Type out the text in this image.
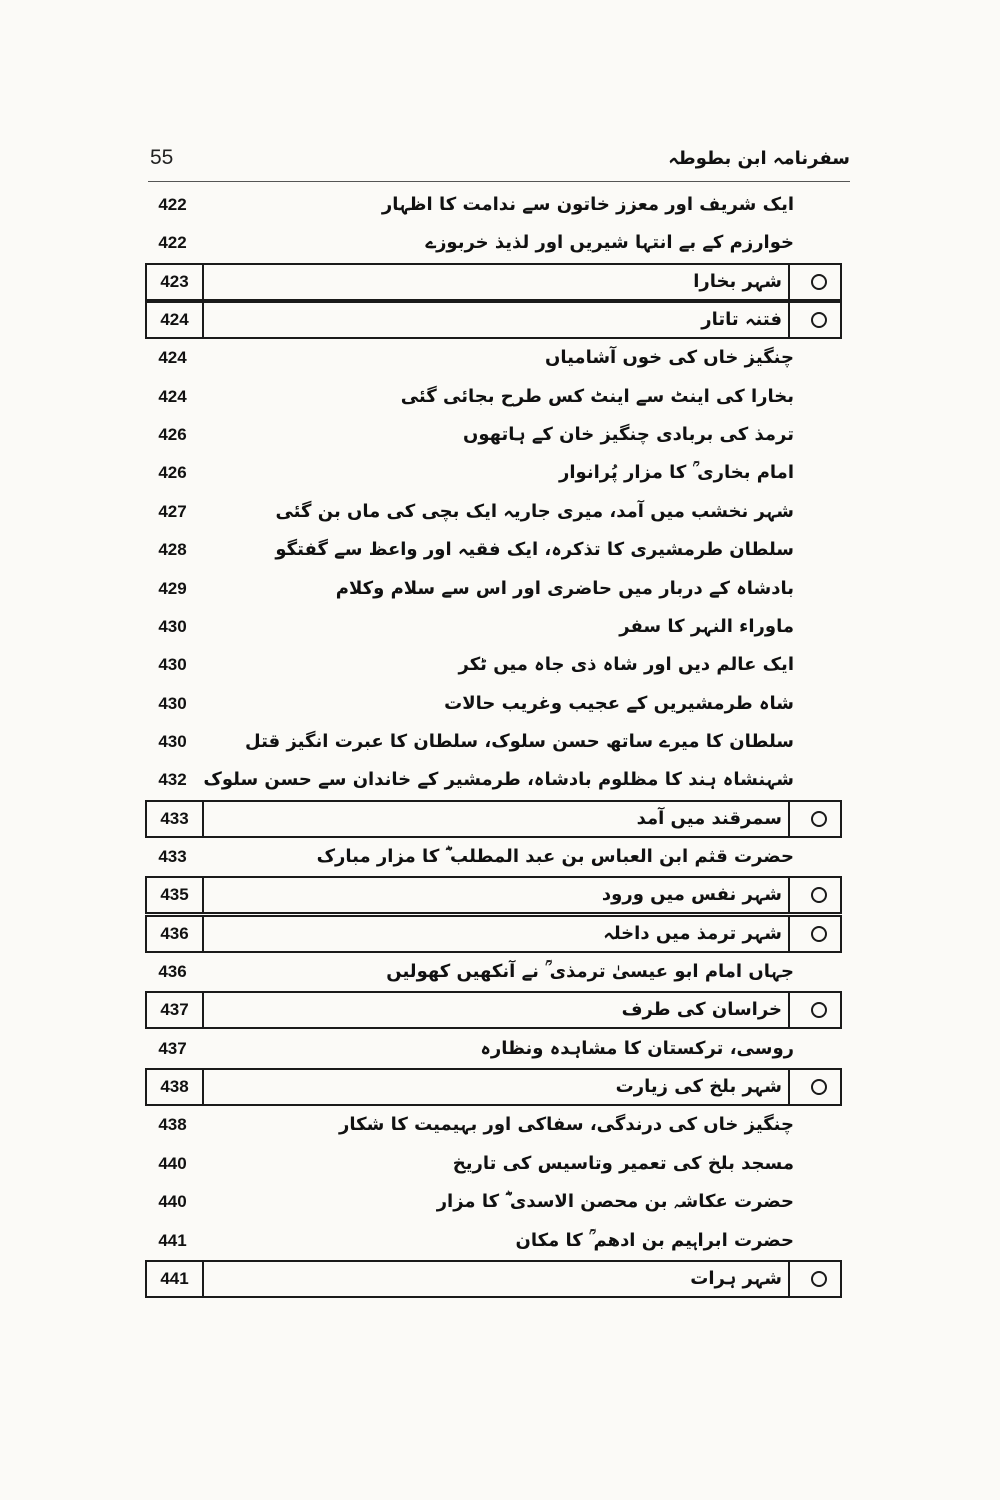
55	سفرنامہ ابن بطوطہ
422	ایک شریف اور معزز خاتون سے ندامت کا اظہار
422	خوارزم کے بے انتہا شیریں اور لذیذ خربوزے
423	شہر بخارا
424	فتنہ تاتار
424	چنگیز خاں کی خوں آشامیاں
424	بخارا کی اینٹ سے اینٹ کس طرح بجائی گئی
426	ترمذ کی بربادی چنگیز خان کے ہاتھوں
426	امام بخاری ؒ کا مزار پُرانوار
427	شہر نخشب میں آمد، میری جاریہ ایک بچی کی ماں بن گئی
428	سلطان طرمشیری کا تذکرہ، ایک فقیہ اور واعظ سے گفتگو
429	بادشاہ کے دربار میں حاضری اور اس سے سلام وکلام
430	ماوراء النہر کا سفر
430	ایک عالم دیں اور شاہ ذی جاہ میں ٹکر
430	شاہ طرمشیریں کے عجیب وغریب حالات
430	سلطان کا میرے ساتھ حسن سلوک، سلطان کا عبرت انگیز قتل
432 شہنشاہ ہند کا مظلوم بادشاہ، طرمشیر کے خاندان سے حسن سلوک
433	سمرقند میں آمد
433	حضرت قثم ابن العباس بن عبد المطلب ؓ کا مزار مبارک
435	شہر نفس میں ورود
436	شہر ترمذ میں داخلہ
436	جہاں امام ابو عیسیٰ ترمذی ؒ نے آنکھیں کھولیں
437	خراسان کی طرف
437	روسی، ترکستان کا مشاہدہ ونظارہ
438	شہر بلخ کی زیارت
438	چنگیز خاں کی درندگی، سفاکی اور بہیمیت کا شکار
440	مسجد بلخ کی تعمیر وتاسیس کی تاریخ
440	حضرت عکاشہ بن محصن الاسدی ؓ کا مزار
441	حضرت ابراہیم بن ادھم ؒ کا مکان
441	شہر ہرات
